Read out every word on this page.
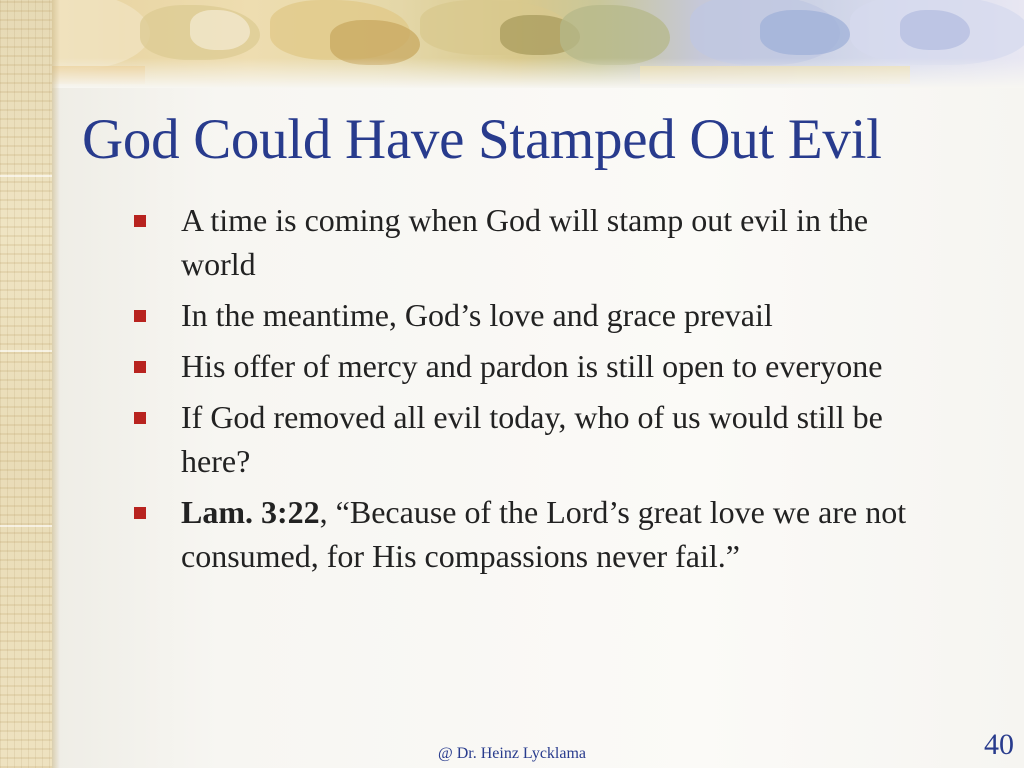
God Could Have Stamped Out Evil
A time is coming when God will stamp out evil in the world
In the meantime, God’s love and grace prevail
His offer of mercy and pardon is still open to everyone
If God removed all evil today, who of us would still be here?
Lam. 3:22, “Because of the Lord’s great love we are not consumed, for His compassions never fail.”
@ Dr. Heinz Lycklama	40
